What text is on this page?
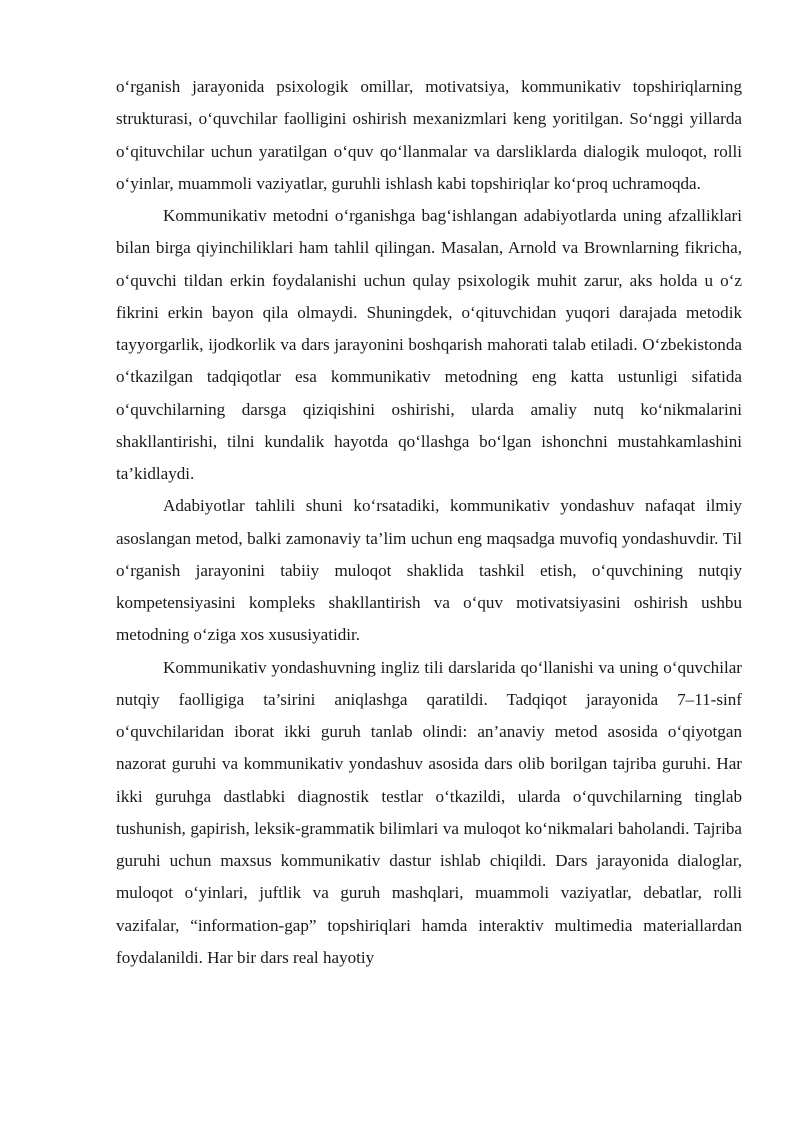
o‘rganish jarayonida psixologik omillar, motivatsiya, kommunikativ topshiriqlarning strukturasi, o‘quvchilar faolligini oshirish mexanizmlari keng yoritilgan. So‘nggi yillarda o‘qituvchilar uchun yaratilgan o‘quv qo‘llanmalar va darsliklarda dialogik muloqot, rolli o‘yinlar, muammoli vaziyatlar, guruhli ishlash kabi topshiriqlar ko‘proq uchramoqda.

Kommunikativ metodni o‘rganishga bag‘ishlangan adabiyotlarda uning afzalliklari bilan birga qiyinchiliklari ham tahlil qilingan. Masalan, Arnold va Brownlarning fikricha, o‘quvchi tildan erkin foydalanishi uchun qulay psixologik muhit zarur, aks holda u o‘z fikrini erkin bayon qila olmaydi. Shuningdek, o‘qituvchidan yuqori darajada metodik tayyorgarlik, ijodkorlik va dars jarayonini boshqarish mahorati talab etiladi. O‘zbekistonda o‘tkazilgan tadqiqotlar esa kommunikativ metodning eng katta ustunligi sifatida o‘quvchilarning darsga qiziqishini oshirishi, ularda amaliy nutq ko‘nikmalarini shakllantirishi, tilni kundalik hayotda qo‘llashga bo‘lgan ishonchni mustahkamlashini ta’kidlaydi.

Adabiyotlar tahlili shuni ko‘rsatadiki, kommunikativ yondashuv nafaqat ilmiy asoslangan metod, balki zamonaviy ta’lim uchun eng maqsadga muvofiq yondashuvdir. Til o‘rganish jarayonini tabiiy muloqot shaklida tashkil etish, o‘quvchining nutqiy kompetensiyasini kompleks shakllantirish va o‘quv motivatsiyasini oshirish ushbu metodning o‘ziga xos xususiyatidir.

Kommunikativ yondashuvning ingliz tili darslarida qo‘llanishi va uning o‘quvchilar nutqiy faolligiga ta’sirini aniqlashga qaratildi. Tadqiqot jarayonida 7–11-sinf o‘quvchilaridan iborat ikki guruh tanlab olindi: an’anaviy metod asosida o‘qiyotgan nazorat guruhi va kommunikativ yondashuv asosida dars olib borilgan tajriba guruhi. Har ikki guruhga dastlabki diagnostik testlar o‘tkazildi, ularda o‘quvchilarning tinglab tushunish, gapirish, leksik-grammatik bilimlari va muloqot ko‘nikmalari baholandi. Tajriba guruhi uchun maxsus kommunikativ dastur ishlab chiqildi. Dars jarayonida dialoglar, muloqot o‘yinlari, juftlik va guruh mashqlari, muammoli vaziyatlar, debatlar, rolli vazifalar, “information-gap” topshiriqlari hamda interaktiv multimedia materiallardan foydalanildi. Har bir dars real hayotiy
